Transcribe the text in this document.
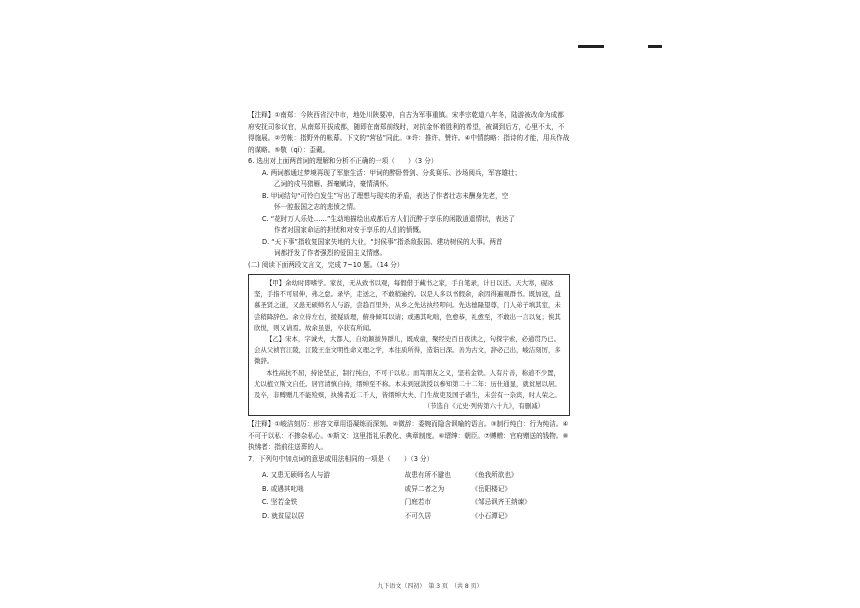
【注释】①南郑：今陕西省汉中市，地处川陕要冲，自古为军事重镇。宋孝宗乾道八年冬，陆游被改命为成都府安抚司参议官，从南郑开拔成都，随即在南郑前线时，对抗金怀着胜利的希望，被调到后方，心里不太，不得施展。②劳帐：指野外的帐幕。下文的“营毡”同此。③许：推许、赞许。④中情韵略：指诗的才能，用兵作战的谋略。⑤敬（qí）：歪戴。

6. 选出对上面两首词的理解和分析不正确的一项（　　）（3 分）

A. 两词都通过梦境再现了军旅生活：甲词的醉卧營剑、分炙赛乐、沙场阅兵，军容雄壮；

乙词的戍马猎雁、挥毫赋诗，豪情满怀。

B. 甲词结句“可怜白发生”写出了理想与现实的矛盾，表达了作者壮志未酬身先老，空

怀一腔报国之志的悲愤之情。

C. “花时万人乐处……”生动地描绘出成都后方人们沉醉于享乐的闲散逍遥情状，表达了

作者对国家命运的担忧和对安于享乐的人们的愤慨。

D. “天下事”指收复国家失地的大业，“封侯事”指杀敌报国、建功树侯的大事。两首

词都抒发了作者强烈的爱国主义情感。

(二) 阅读下面两段文言文，完成 7~10 题。（14 分）

【甲】余幼时即嗜学。家贫，无从致书以观，每假借于藏书之家，手自笔录，计日以还。天大寒，砚冰坚，手指不可屈伸，弗之怠。录毕，走送之，不敢稍逾约。以是人多以书假余，余因得遍观群书。既加冠，益慕圣贤之道，又患无硕师名人与游，尝趋百里外，从乡之先达执经叩问。先达德隆望尊，门人弟子填其室，未尝稍降辞色。余立侍左右，援疑质理，俯身倾耳以请；或遇其叱咄，色愈恭，礼愈至，不敢出一言以复；俟其欣悦，则又请焉。故余虽愚，卒获有所闻。

【乙】宋本，字诚夫，大都人，自幼颖拔异群儿，既成童，聚经史百日夜读之，句探字索，必通贯乃已。会从父祯官江陵，江陵王奎文明性命义理之学，本往质所得，造诣日深。善为古文，辞必己出，峻洁刻厉，多微辞。

本性高抗不屈，持论坚正，制行纯白，不可干以私；而笃朋友之义，坚若金铁。人有片善，称道不少置，尤以植立斯文自任。居官清慎自持，缙绅至不称。本未到冠款授以参知第二十二年：历仕通显，就贫屋以居。及卒，非赙赠几不能殓殡，执绋者近二千人，皆缙绅大夫、门生故吏及国子诸生，未尝有一杂宾，时人荣之。

（节选自《元史·列传第六十九》，有删减）

【注释】①峻洁刻厉：形容文章用语凝练而深刻。②微辞：委婉而隐含讽喻的语言。③制行纯白：行为纯洁。④不可干以私：不掺杂私心。⑤斯文：这里指礼乐教化、典章制度。⑥缙绅：朝臣。⑦赙赠：官府赠送的钱物。⑧执绋者：指前往送葬的人。

7．下列句中加点词的意思或用法相同的一项是（　　）（3 分）

A. 又患无硕师名人与游	故患有所不避也	《鱼我所欲也》
B. 或遇其叱咄	或异二者之为	《岳阳楼记》
C. 坚若金铁	门庭若市	《邹忌讽齐王纳谏》
D. 就贫屋以居	不可久居	《小石潭记》
九下语文（四初）　第 3 页　（共 8 页）
